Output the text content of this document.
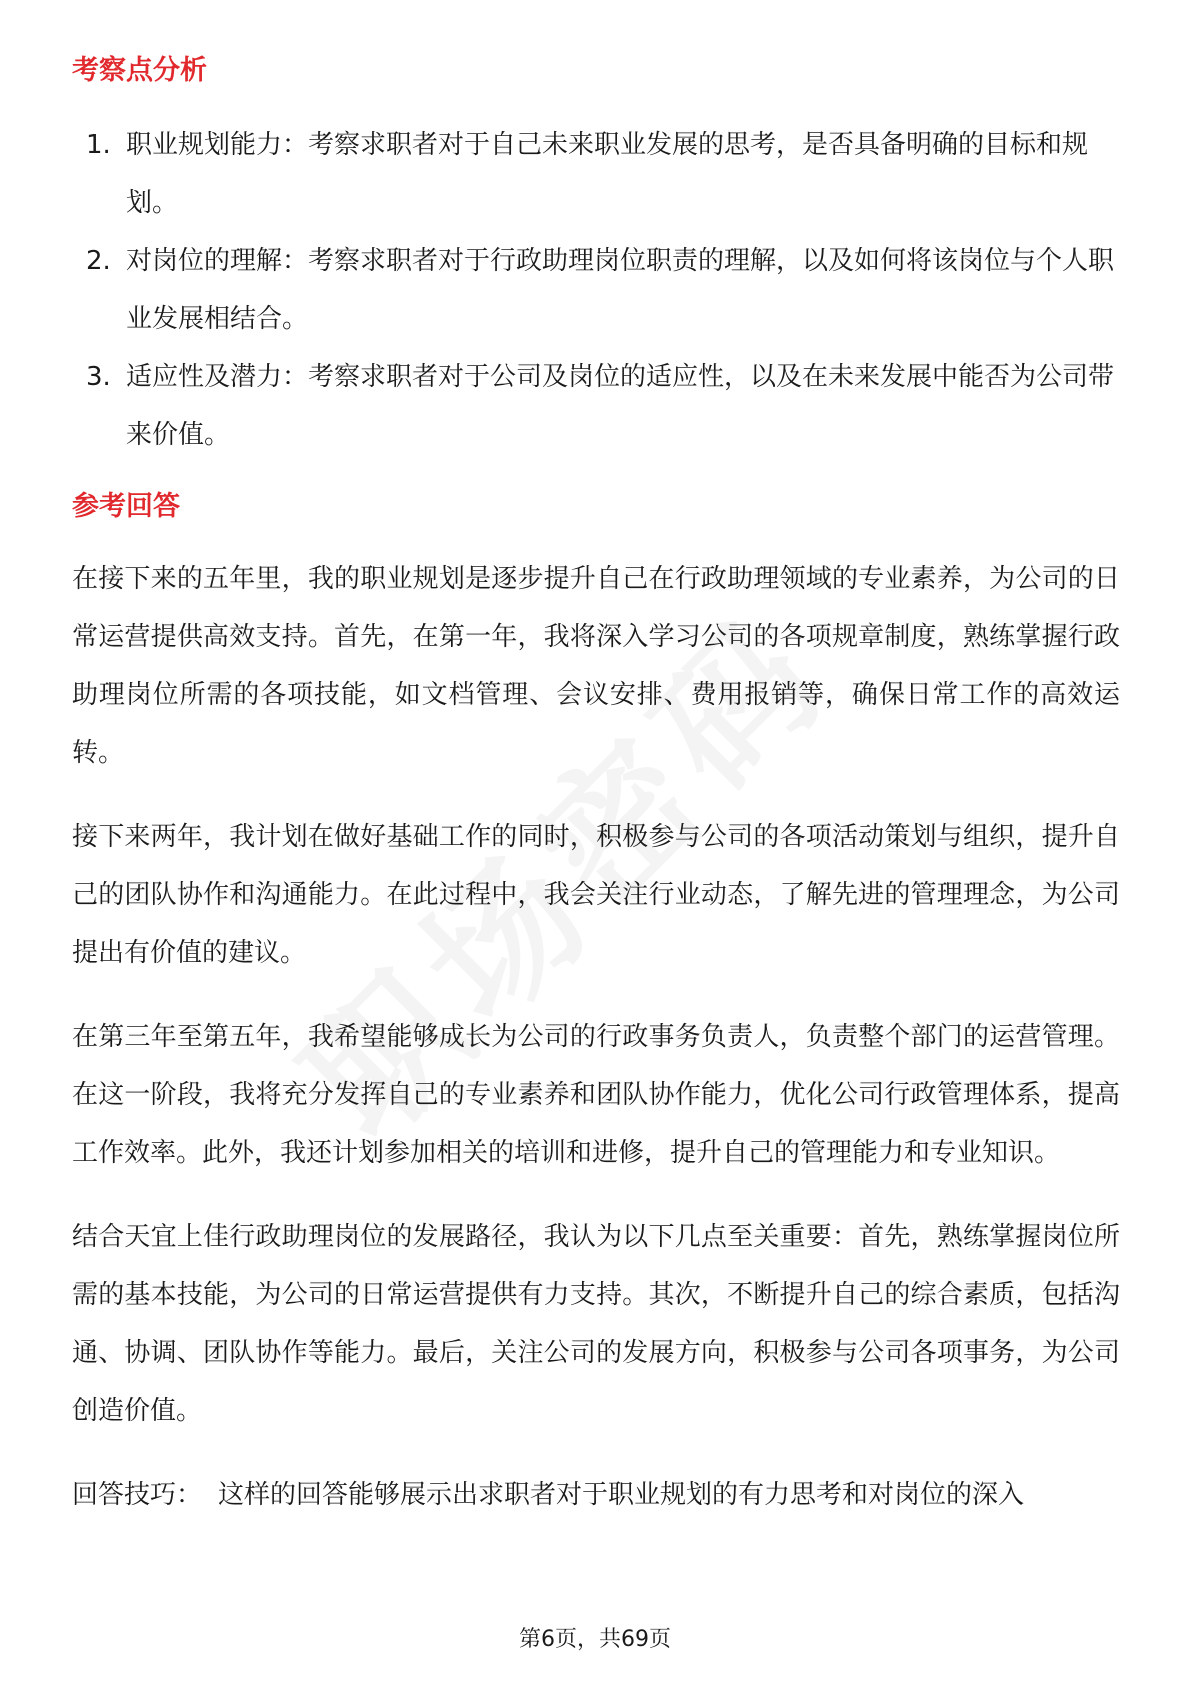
考察点分析
1. 职业规划能力：考察求职者对于自己未来职业发展的思考，是否具备明确的目标和规划。
2. 对岗位的理解：考察求职者对于行政助理岗位职责的理解，以及如何将该岗位与个人职业发展相结合。
3. 适应性及潜力：考察求职者对于公司及岗位的适应性，以及在未来发展中能否为公司带来价值。
参考回答

在接下来的五年里，我的职业规划是逐步提升自己在行政助理领域的专业素养，为公司的日常运营提供高效支持。首先，在第一年，我将深入学习公司的各项规章制度，熟练掌握行政助理岗位所需的各项技能，如文档管理、会议安排、费用报销等，确保日常工作的高效运转。

接下来两年，我计划在做好基础工作的同时，积极参与公司的各项活动策划与组织，提升自己的团队协作和沟通能力。在此过程中，我会关注行业动态，了解先进的管理理念，为公司提出有价值的建议。

在第三年至第五年，我希望能够成长为公司的行政事务负责人，负责整个部门的运营管理。在这一阶段，我将充分发挥自己的专业素养和团队协作能力，优化公司行政管理体系，提高工作效率。此外，我还计划参加相关的培训和进修，提升自己的管理能力和专业知识。

结合天宜上佳行政助理岗位的发展路径，我认为以下几点至关重要：首先，熟练掌握岗位所需的基本技能，为公司的日常运营提供有力支持。其次，不断提升自己的综合素质，包括沟通、协调、团队协作等能力。最后，关注公司的发展方向，积极参与公司各项事务，为公司创造价值。

回答技巧： 这样的回答能够展示出求职者对于职业规划的有力思考和对岗位的深入

第6页，共69页
